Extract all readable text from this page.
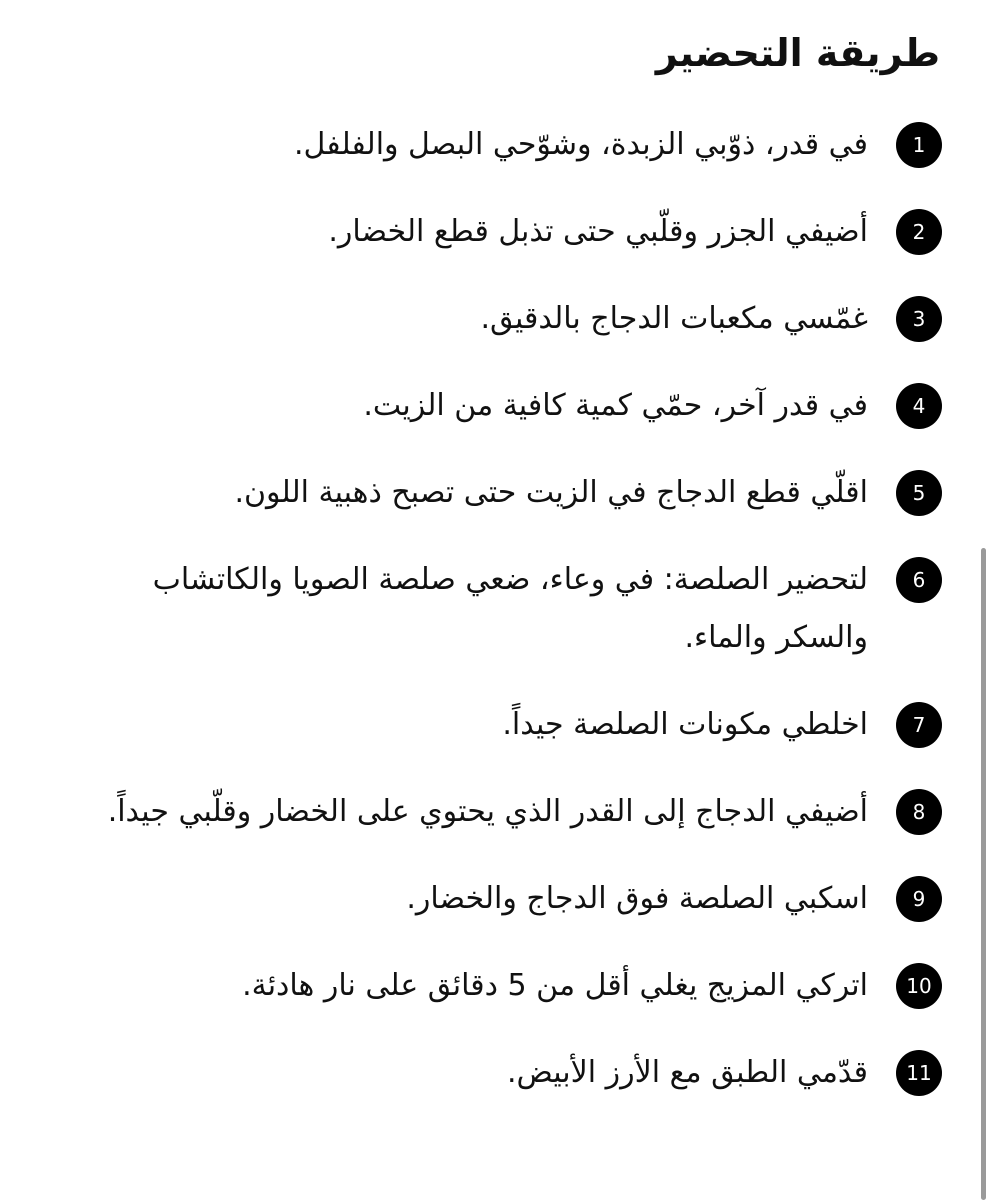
طريقة التحضير
1
في قدر، ذوّبي الزبدة، وشوّحي البصل والفلفل.
2
أضيفي الجزر وقلّبي حتى تذبل قطع الخضار.
3
غمّسي مكعبات الدجاج بالدقيق.
4
في قدر آخر، حمّي كمية كافية من الزيت.
5
اقلّي قطع الدجاج في الزيت حتى تصبح ذهبية اللون.
6
لتحضير الصلصة: في وعاء، ضعي صلصة الصويا والكاتشاب والسكر والماء.
7
اخلطي مكونات الصلصة جيداً.
8
أضيفي الدجاج إلى القدر الذي يحتوي على الخضار وقلّبي جيداً.
9
اسكبي الصلصة فوق الدجاج والخضار.
10
اتركي المزيج يغلي أقل من 5 دقائق على نار هادئة.
11
قدّمي الطبق مع الأرز الأبيض.
